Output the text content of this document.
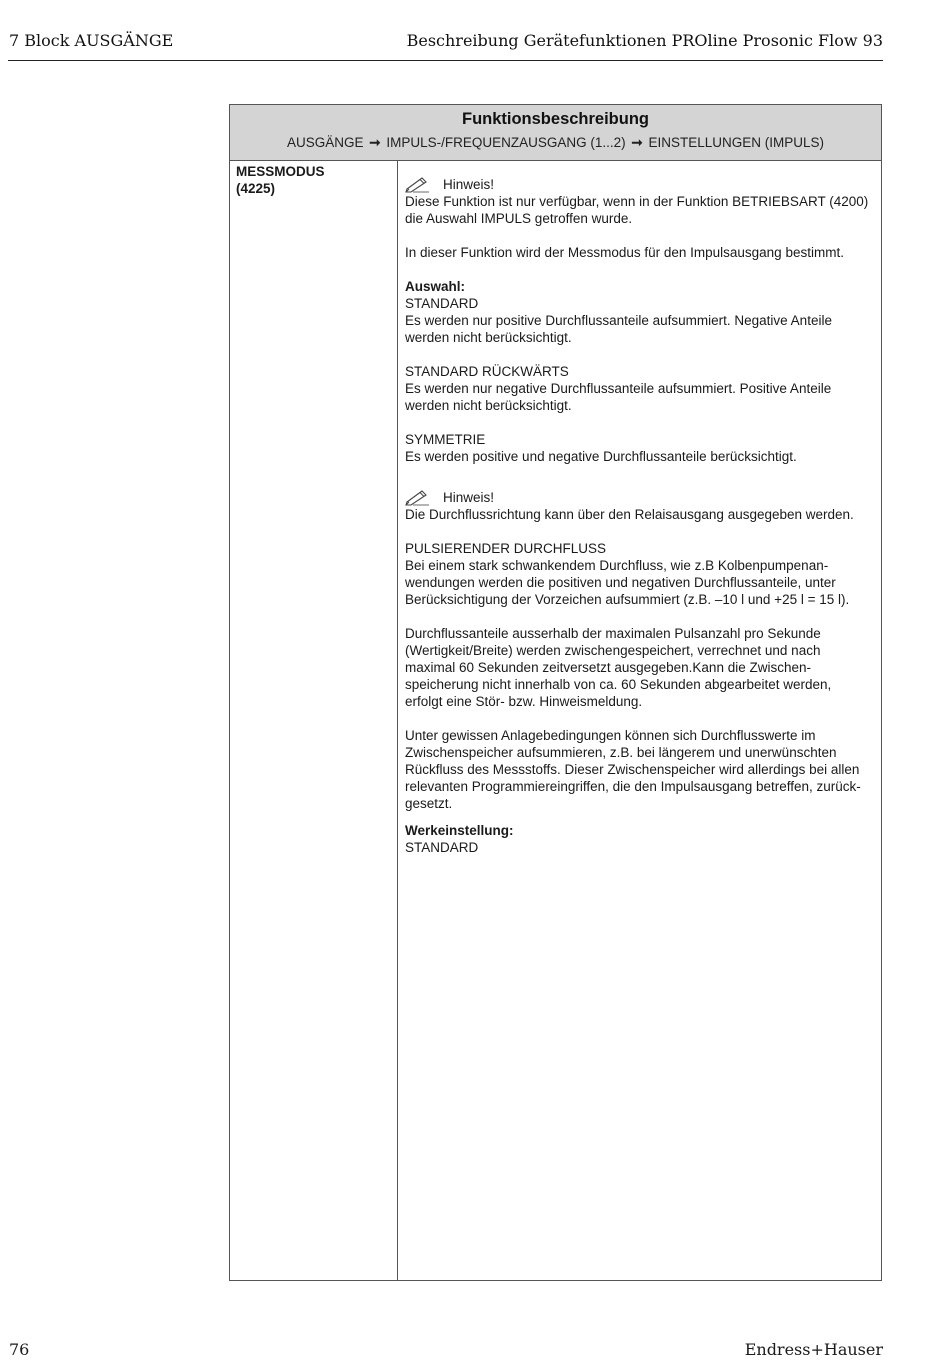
7 Block AUSGÄNGE	Beschreibung Gerätefunktionen PROline Prosonic Flow 93
Funktionsbeschreibung
AUSGÄNGE ➞ IMPULS-/FREQUENZAUSGANG (1...2) ➞ EINSTELLUNGEN (IMPULS)
MESSMODUS
(4225)	Hinweis!
Diese Funktion ist nur verfügbar, wenn in der Funktion BETRIEBSART (4200) die Auswahl IMPULS getroffen wurde.

In dieser Funktion wird der Messmodus für den Impulsausgang bestimmt.

Auswahl:
STANDARD
Es werden nur positive Durchflussanteile aufsummiert. Negative Anteile werden nicht berücksichtigt.

STANDARD RÜCKWÄRTS
Es werden nur negative Durchflussanteile aufsummiert. Positive Anteile werden nicht berücksichtigt.

SYMMETRIE
Es werden positive und negative Durchflussanteile berücksichtigt.

Hinweis!
Die Durchflussrichtung kann über den Relaisausgang ausgegeben werden.

PULSIERENDER DURCHFLUSS
Bei einem stark schwankendem Durchfluss, wie z.B Kolbenpumpenan-wendungen werden die positiven und negativen Durchflussanteile, unter Berücksichtigung der Vorzeichen aufsummiert (z.B. –10 l und +25 l = 15 l).

Durchflussanteile ausserhalb der maximalen Pulsanzahl pro Sekunde (Wertigkeit/Breite) werden zwischengespeichert, verrechnet und nach maximal 60 Sekunden zeitversetzt ausgegeben.Kann die Zwischen-speicherung nicht innerhalb von ca. 60 Sekunden abgearbeitet werden, erfolgt eine Stör- bzw. Hinweismeldung.

Unter gewissen Anlagebedingungen können sich Durchflusswerte im Zwischenspeicher aufsummieren, z.B. bei längerem und unerwünschten Rückfluss des Messstoffs. Dieser Zwischenspeicher wird allerdings bei allen relevanten Programmiereingriffen, die den Impulsausgang betreffen, zurück-gesetzt.

Werkeinstellung:
STANDARD

76	Endress+Hauser
